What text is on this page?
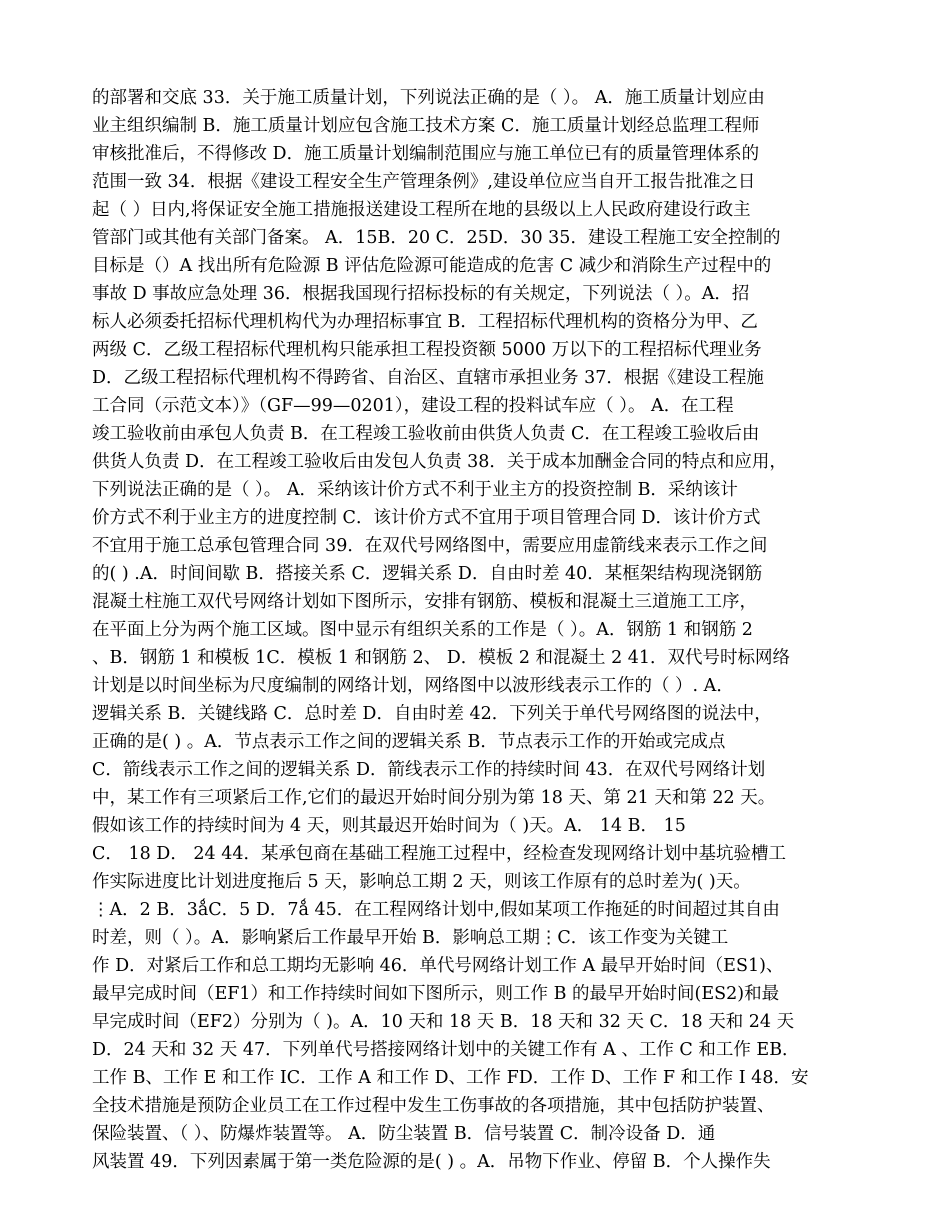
的部署和交底 33．关于施工质量计划，下列说法正确的是（ ）。 A．施工质量计划应由
业主组织编制 B．施工质量计划应包含施工技术方案 C．施工质量计划经总监理工程师
审核批准后，不得修改 D．施工质量计划编制范围应与施工单位已有的质量管理体系的
范围一致 34．根据《建设工程安全生产管理条例》,建设单位应当自开工报告批准之日
起（ ）日内,将保证安全施工措施报送建设工程所在地的县级以上人民政府建设行政主
管部门或其他有关部门备案。 A．15B．20 C．25D．30 35．建设工程施工安全控制的
目标是（）A 找出所有危险源 B 评估危险源可能造成的危害 C 减少和消除生产过程中的
事故 D 事故应急处理 36．根据我国现行招标投标的有关规定，下列说法（ ）。A．招
标人必须委托招标代理机构代为办理招标事宜 B．工程招标代理机构的资格分为甲、乙
两级 C．乙级工程招标代理机构只能承担工程投资额 5000 万以下的工程招标代理业务
D．乙级工程招标代理机构不得跨省、自治区、直辖市承担业务 37．根据《建设工程施
工合同（示范文本）》（GF—99—0201），建设工程的投料试车应（ ）。 A．在工程
竣工验收前由承包人负责 B．在工程竣工验收前由供货人负责 C．在工程竣工验收后由
供货人负责 D．在工程竣工验收后由发包人负责 38．关于成本加酬金合同的特点和应用，
下列说法正确的是（ ）。 A．采纳该计价方式不利于业主方的投资控制 B．采纳该计
价方式不利于业主方的进度控制 C．该计价方式不宜用于项目管理合同 D．该计价方式
不宜用于施工总承包管理合同 39．在双代号网络图中，需要应用虚箭线来表示工作之间
的( ) .A．时间间歇 B．搭接关系 C．逻辑关系 D．自由时差 40．某框架结构现浇钢筋
混凝土柱施工双代号网络计划如下图所示，安排有钢筋、模板和混凝土三道施工工序，
在平面上分为两个施工区域。图中显示有组织关系的工作是（ ）。A．钢筋 1 和钢筋 2
、B．钢筋 1 和模板 1C．模板 1 和钢筋 2、 D．模板 2 和混凝土 2 41．双代号时标网络
计划是以时间坐标为尺度编制的网络计划，网络图中以波形线表示工作的（ ）. A．
逻辑关系 B．关键线路 C．总时差 D．自由时差 42．下列关于单代号网络图的说法中，
正确的是( ) 。A．节点表示工作之间的逻辑关系 B．节点表示工作的开始或完成点
C．箭线表示工作之间的逻辑关系 D．箭线表示工作的持续时间 43．在双代号网络计划
中，某工作有三项紧后工作,它们的最迟开始时间分别为第 18 天、第 21 天和第 22 天。
假如该工作的持续时间为 4 天，则其最迟开始时间为（ )天。A． 14 B． 15
C． 18 D． 24 44．某承包商在基础工程施工过程中，经检查发现网络计划中基坑验槽工
作实际进度比计划进度拖后 5 天，影响总工期 2 天，则该工作原有的总时差为( )天。
⋮A．2 B．3ǻC．5 D．7ǻ 45．在工程网络计划中,假如某项工作拖延的时间超过其自由
时差，则（ ）。A．影响紧后工作最早开始 B．影响总工期⋮C．该工作变为关键工
作 D．对紧后工作和总工期均无影响 46．单代号网络计划工作 A 最早开始时间（ES1)、
最早完成时间（EF1）和工作持续时间如下图所示，则工作 B 的最早开始时间(ES2)和最
早完成时间（EF2）分别为（ )。A．10 天和 18 天 B．18 天和 32 天 C．18 天和 24 天
D．24 天和 32 天 47．下列单代号搭接网络计划中的关键工作有 A 、工作 C 和工作 EB．
工作 B、工作 E 和工作 IC．工作 A 和工作 D、工作 FD．工作 D、工作 F 和工作 I 48．安
全技术措施是预防企业员工在工作过程中发生工伤事故的各项措施，其中包括防护装置、
保险装置、（ ）、防爆炸装置等。 A．防尘装置 B．信号装置 C．制冷设备 D．通
风装置 49．下列因素属于第一类危险源的是( ) 。A．吊物下作业、停留 B．个人操作失
